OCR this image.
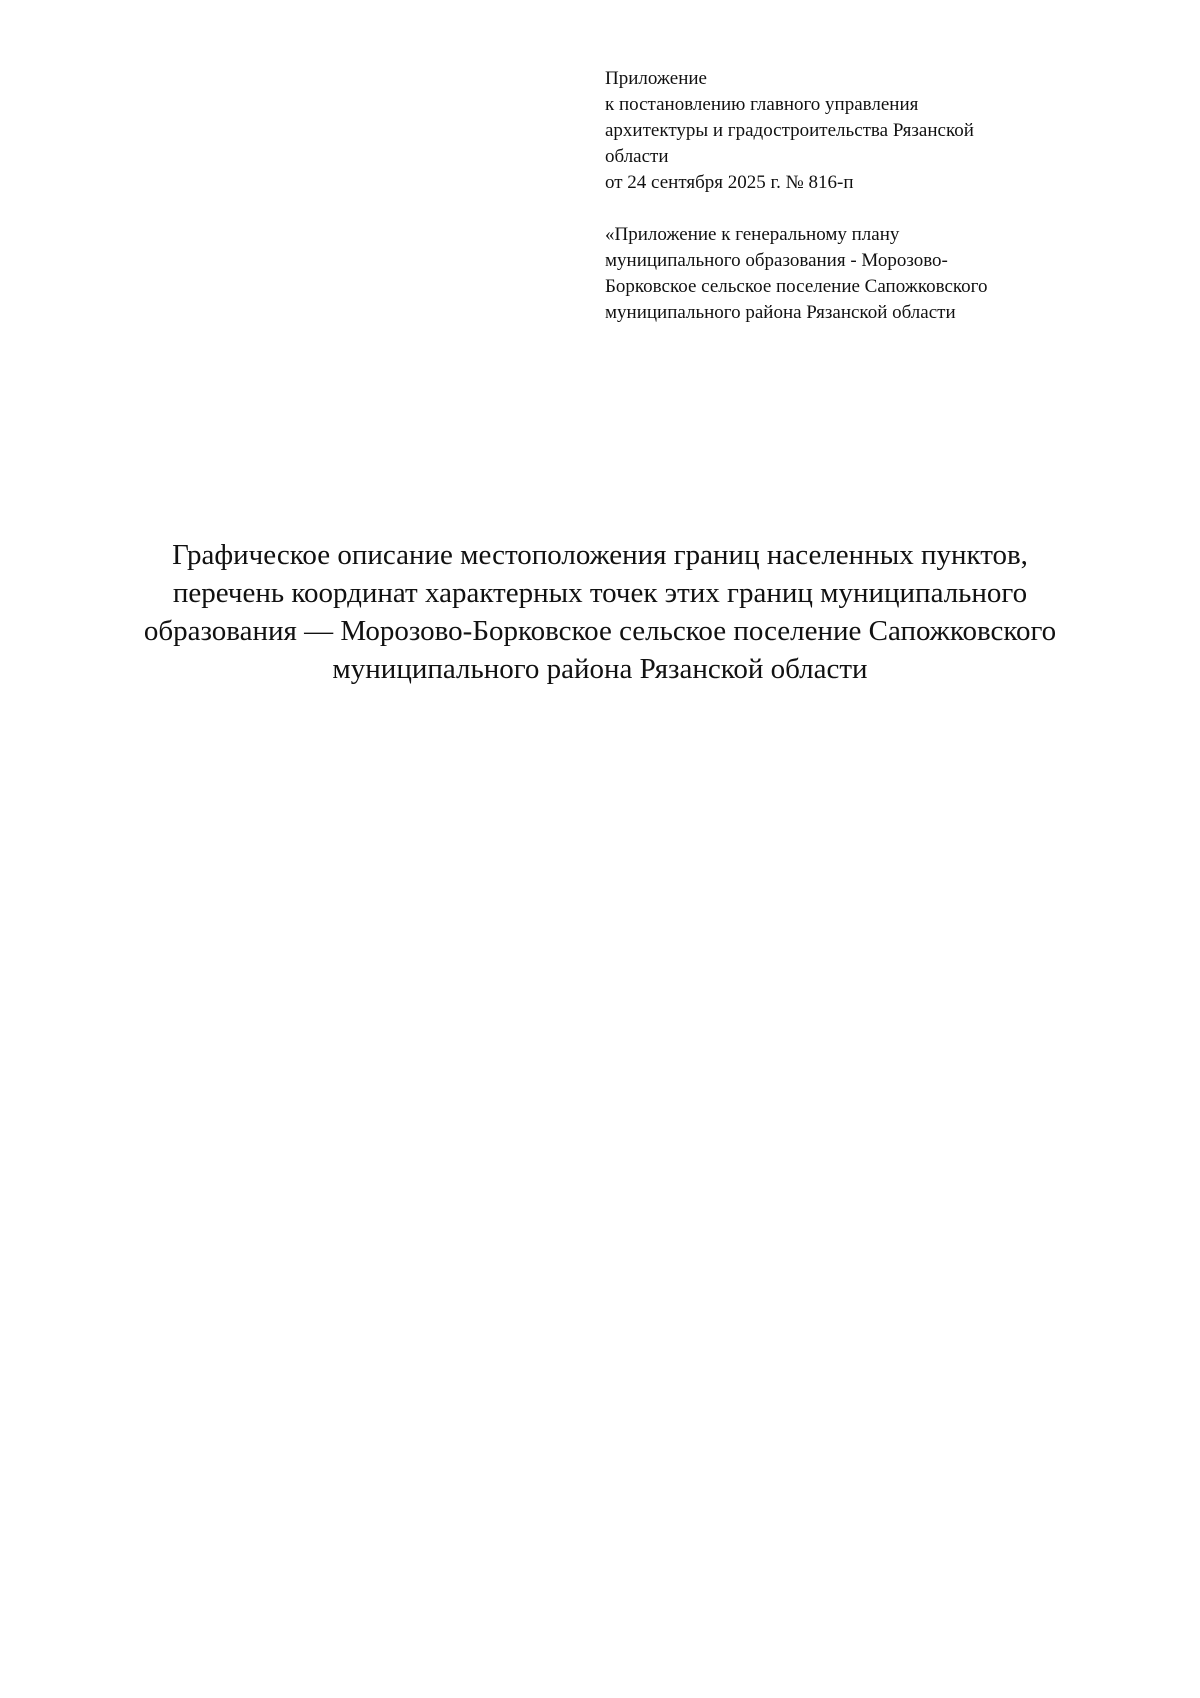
Приложение
к постановлению главного управления
архитектуры и градостроительства Рязанской
области
от 24 сентября 2025 г. № 816-п
«Приложение к генеральному плану
муниципального образования - Морозово-
Борковское сельское поселение Сапожковского
муниципального района Рязанской области
Графическое описание местоположения границ населенных пунктов,
перечень координат характерных точек этих границ муниципального
образования — Морозово-Борковское сельское поселение Сапожковского
муниципального района Рязанской области
